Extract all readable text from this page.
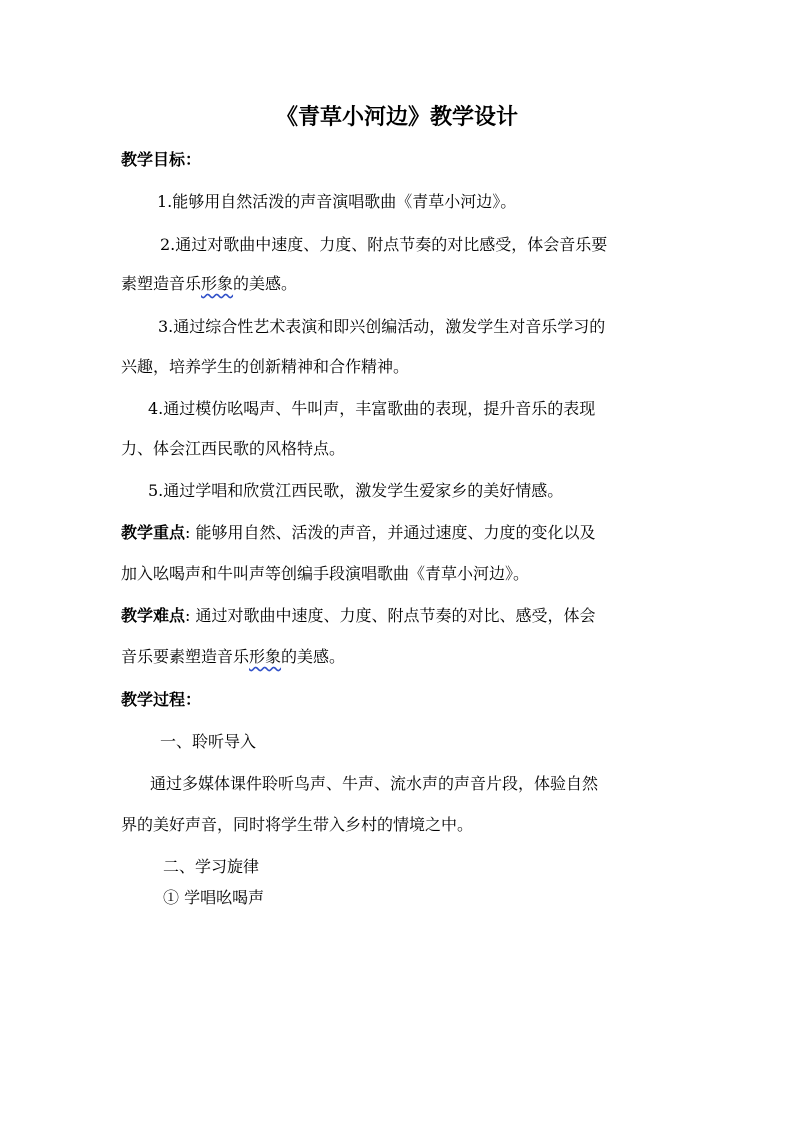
《青草小河边》教学设计
教学目标：
1.能够用自然活泼的声音演唱歌曲《青草小河边》。
2.通过对歌曲中速度、力度、附点节奏的对比感受，体会音乐要
素塑造音乐形象的美感。
3.通过综合性艺术表演和即兴创编活动，激发学生对音乐学习的
兴趣，培养学生的创新精神和合作精神。
4.通过模仿吆喝声、牛叫声，丰富歌曲的表现，提升音乐的表现
力、体会江西民歌的风格特点。
5.通过学唱和欣赏江西民歌，激发学生爱家乡的美好情感。
教学重点: 能够用自然、活泼的声音，并通过速度、力度的变化以及
加入吆喝声和牛叫声等创编手段演唱歌曲《青草小河边》。
教学难点: 通过对歌曲中速度、力度、附点节奏的对比、感受，体会
音乐要素塑造音乐形象的美感。
教学过程：
一、聆听导入
通过多媒体课件聆听鸟声、牛声、流水声的声音片段，体验自然
界的美好声音，同时将学生带入乡村的情境之中。
二、学习旋律
① 学唱吆喝声
